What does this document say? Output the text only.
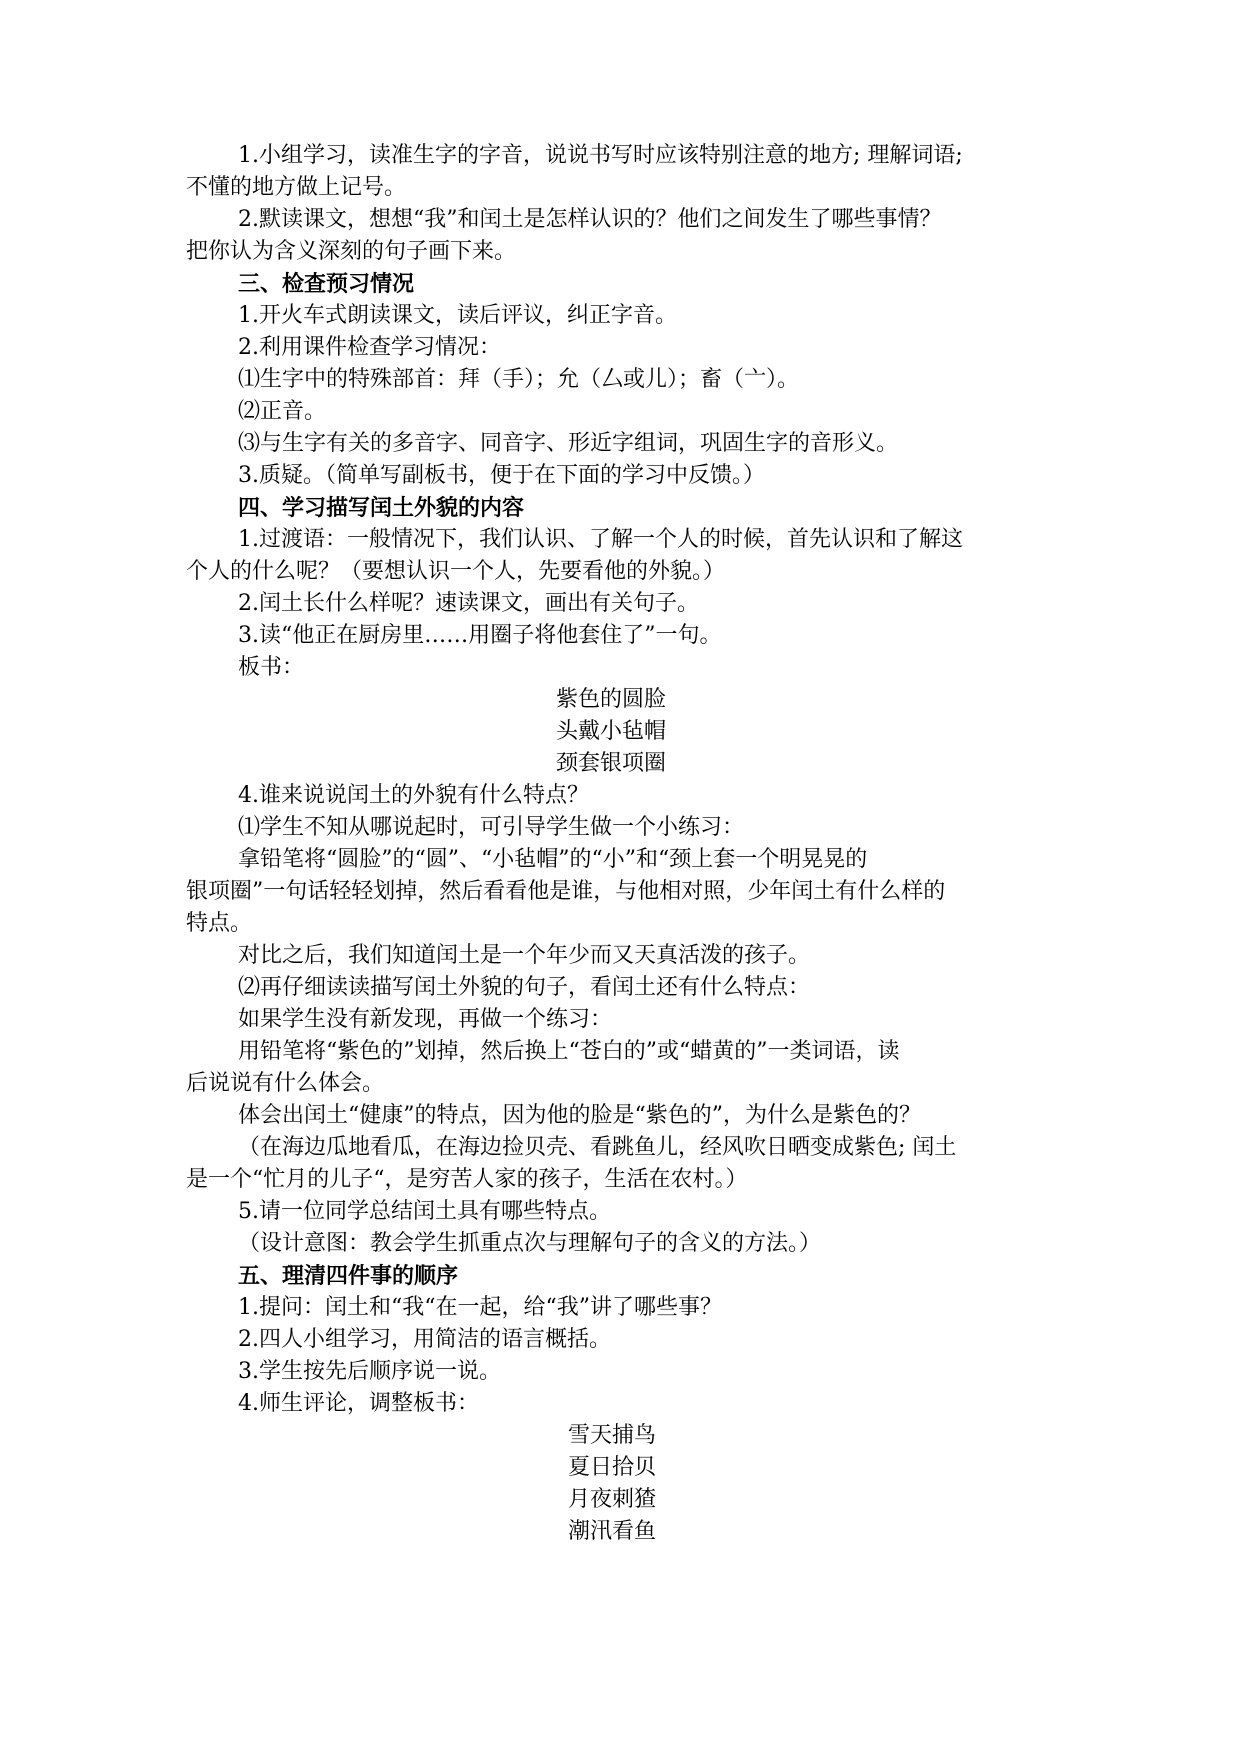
1.小组学习，读准生字的字音，说说书写时应该特别注意的地方; 理解词语;
不懂的地方做上记号。
2.默读课文，想想“我”和闰土是怎样认识的？他们之间发生了哪些事情？
把你认为含义深刻的句子画下来。
三、检查预习情况
1.开火车式朗读课文，读后评议，纠正字音。
2.利用课件检查学习情况：
⑴生字中的特殊部首：拜（手）；允（厶或儿）；畜（亠）。
⑵正音。
⑶与生字有关的多音字、同音字、形近字组词，巩固生字的音形义。
3.质疑。（简单写副板书，便于在下面的学习中反馈。）
四、学习描写闰土外貌的内容
1.过渡语：一般情况下，我们认识、了解一个人的时候，首先认识和了解这
个人的什么呢？（要想认识一个人，先要看他的外貌。）
2.闰土长什么样呢？速读课文，画出有关句子。
3.读“他正在厨房里……用圈子将他套住了”一句。
板书：
紫色的圆脸
头戴小毡帽
颈套银项圈
4.谁来说说闰土的外貌有什么特点？
⑴学生不知从哪说起时，可引导学生做一个小练习：
拿铅笔将“圆脸”的“圆”、“小毡帽”的“小”和“颈上套一个明晃晃的
银项圈”一句话轻轻划掉，然后看看他是谁，与他相对照，少年闰土有什么样的
特点。
对比之后，我们知道闰土是一个年少而又天真活泼的孩子。
⑵再仔细读读描写闰土外貌的句子，看闰土还有什么特点：
如果学生没有新发现，再做一个练习：
用铅笔将“紫色的”划掉，然后换上“苍白的”或“蜡黄的”一类词语，读
后说说有什么体会。
体会出闰土“健康”的特点，因为他的脸是“紫色的”，为什么是紫色的？
（在海边瓜地看瓜，在海边捡贝壳、看跳鱼儿，经风吹日晒变成紫色; 闰土
是一个“忙月的儿子“，是穷苦人家的孩子，生活在农村。）
5.请一位同学总结闰土具有哪些特点。
（设计意图：教会学生抓重点次与理解句子的含义的方法。）
五、理清四件事的顺序
1.提问：闰土和“我“在一起，给“我”讲了哪些事？
2.四人小组学习，用简洁的语言概括。
3.学生按先后顺序说一说。
4.师生评论，调整板书：
雪天捕鸟
夏日拾贝
月夜刺猹
潮汛看鱼
